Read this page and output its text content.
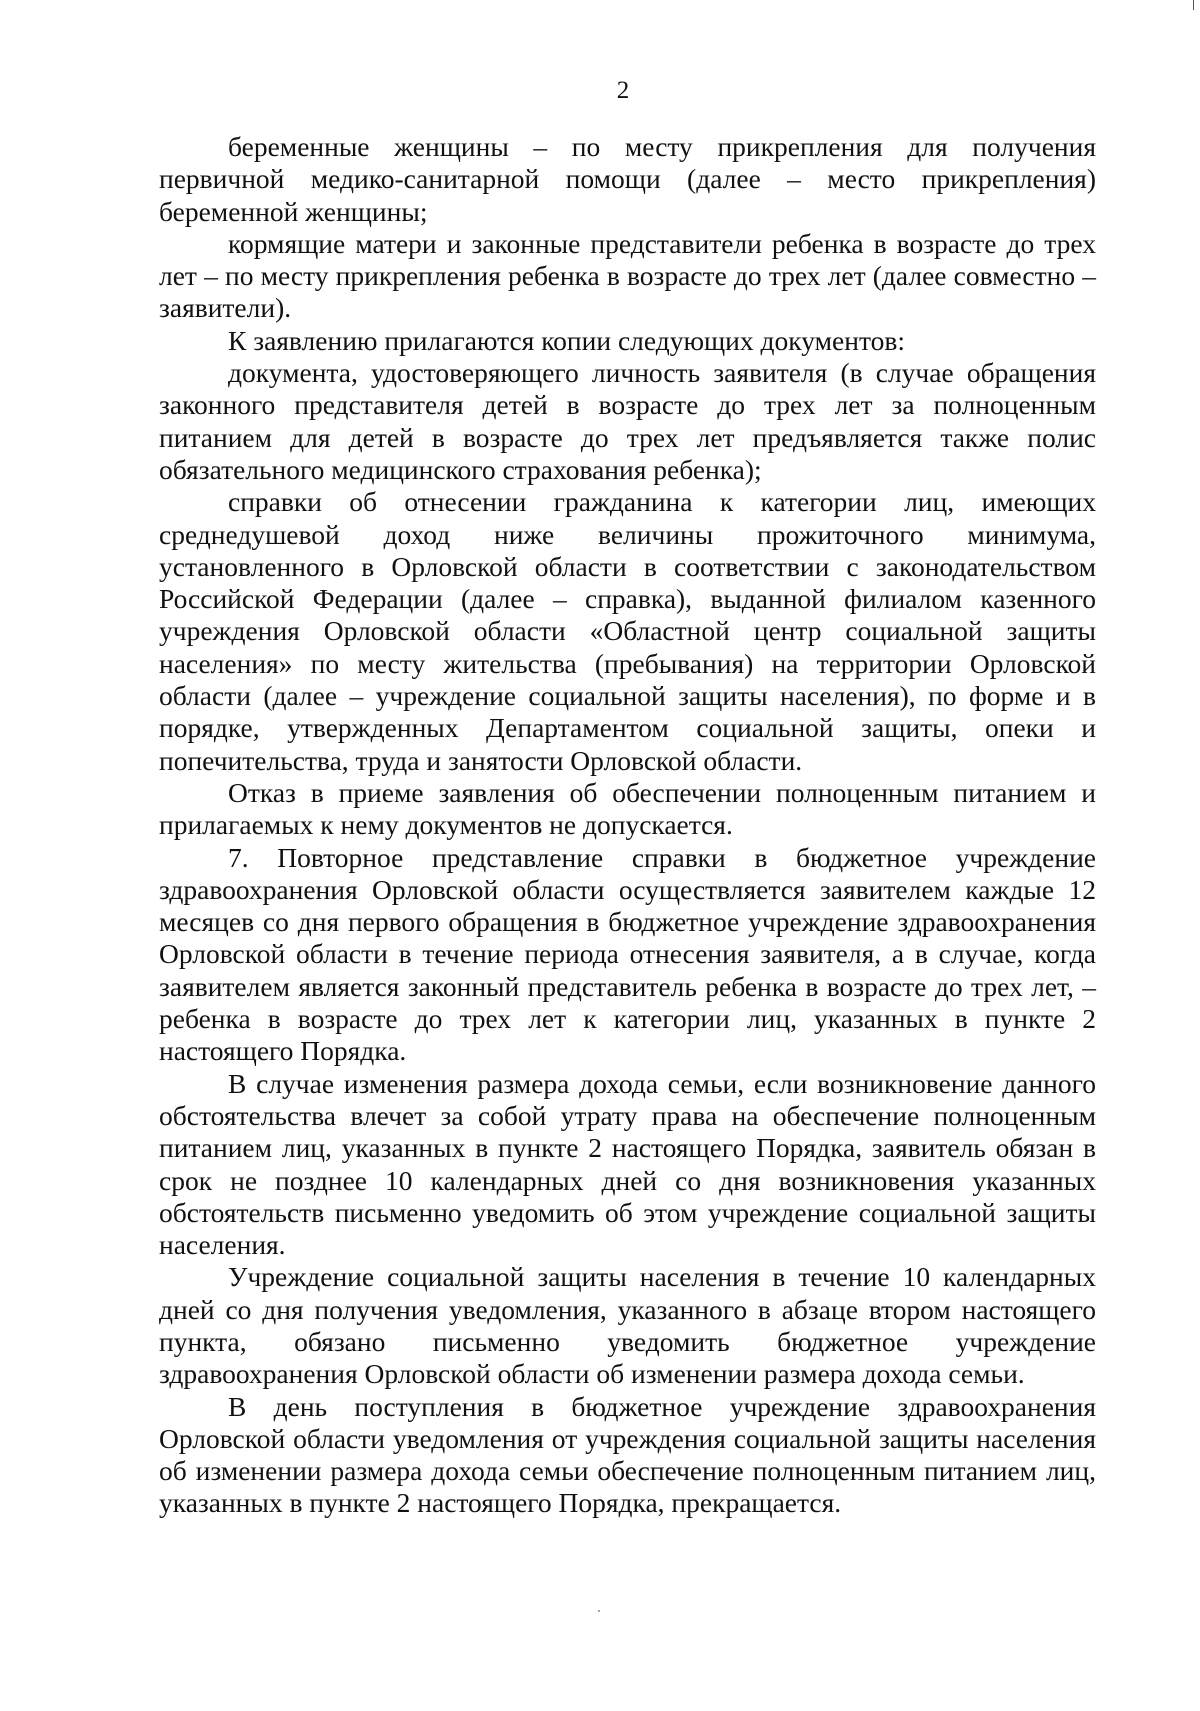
2

беременные женщины – по месту прикрепления для получения первичной медико-санитарной помощи (далее – место прикрепления) беременной женщины;

кормящие матери и законные представители ребенка в возрасте до трех лет – по месту прикрепления ребенка в возрасте до трех лет (далее совместно – заявители).

К заявлению прилагаются копии следующих документов:

документа, удостоверяющего личность заявителя (в случае обращения законного представителя детей в возрасте до трех лет за полноценным питанием для детей в возрасте до трех лет предъявляется также полис обязательного медицинского страхования ребенка);

справки об отнесении гражданина к категории лиц, имеющих среднедушевой доход ниже величины прожиточного минимума, установленного в Орловской области в соответствии с законодательством Российской Федерации (далее – справка), выданной филиалом казенного учреждения Орловской области «Областной центр социальной защиты населения» по месту жительства (пребывания) на территории Орловской области (далее – учреждение социальной защиты населения), по форме и в порядке, утвержденных Департаментом социальной защиты, опеки и попечительства, труда и занятости Орловской области.

Отказ в приеме заявления об обеспечении полноценным питанием и прилагаемых к нему документов не допускается.

7. Повторное представление справки в бюджетное учреждение здравоохранения Орловской области осуществляется заявителем каждые 12 месяцев со дня первого обращения в бюджетное учреждение здравоохранения Орловской области в течение периода отнесения заявителя, а в случае, когда заявителем является законный представитель ребенка в возрасте до трех лет, – ребенка в возрасте до трех лет к категории лиц, указанных в пункте 2 настоящего Порядка.

В случае изменения размера дохода семьи, если возникновение данного обстоятельства влечет за собой утрату права на обеспечение полноценным питанием лиц, указанных в пункте 2 настоящего Порядка, заявитель обязан в срок не позднее 10 календарных дней со дня возникновения указанных обстоятельств письменно уведомить об этом учреждение социальной защиты населения.

Учреждение социальной защиты населения в течение 10 календарных дней со дня получения уведомления, указанного в абзаце втором настоящего пункта, обязано письменно уведомить бюджетное учреждение здравоохранения Орловской области об изменении размера дохода семьи.

В день поступления в бюджетное учреждение здравоохранения Орловской области уведомления от учреждения социальной защиты населения об изменении размера дохода семьи обеспечение полноценным питанием лиц, указанных в пункте 2 настоящего Порядка, прекращается.
